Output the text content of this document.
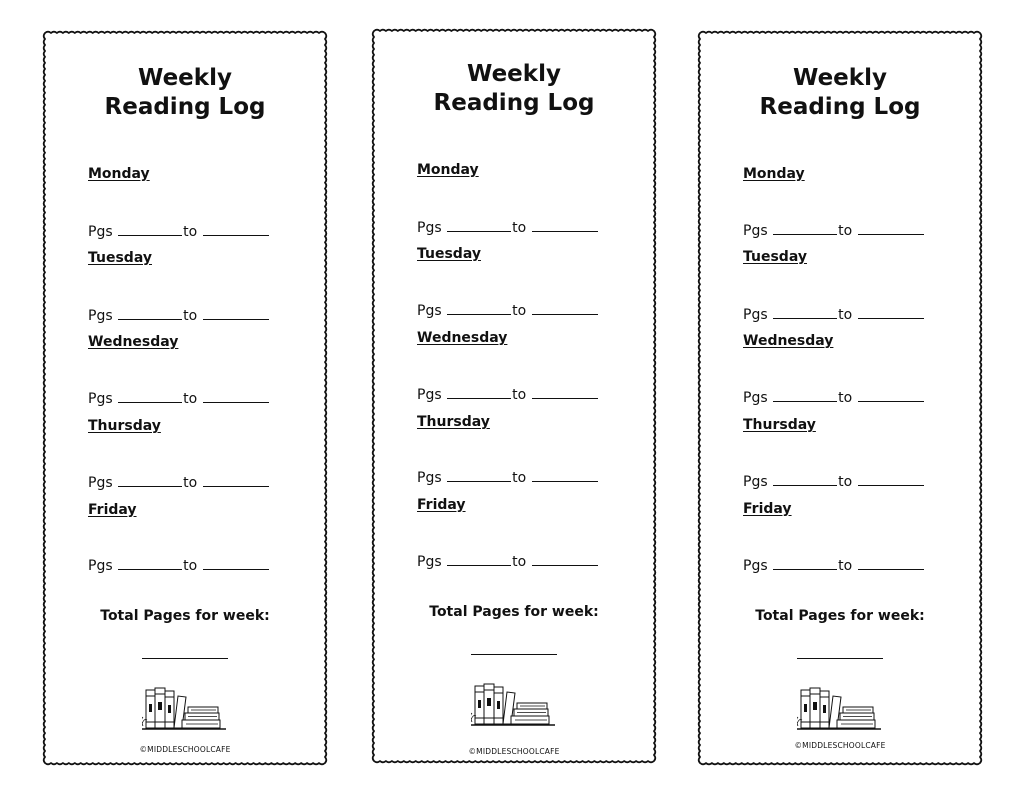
Weekly
Reading Log
Monday
Pgs	to
Tuesday
Pgs	to
Wednesday
Pgs	to
Thursday
Pgs	to
Friday
Pgs	to
Total Pages for week:
©MIDDLESCHOOLCAFE
Weekly
Reading Log
Monday
Pgs	to
Tuesday
Pgs	to
Wednesday
Pgs	to
Thursday
Pgs	to
Friday
Pgs	to
Total Pages for week:
©MIDDLESCHOOLCAFE
Weekly
Reading Log
Monday
Pgs	to
Tuesday
Pgs	to
Wednesday
Pgs	to
Thursday
Pgs	to
Friday
Pgs	to
Total Pages for week:
©MIDDLESCHOOLCAFE
